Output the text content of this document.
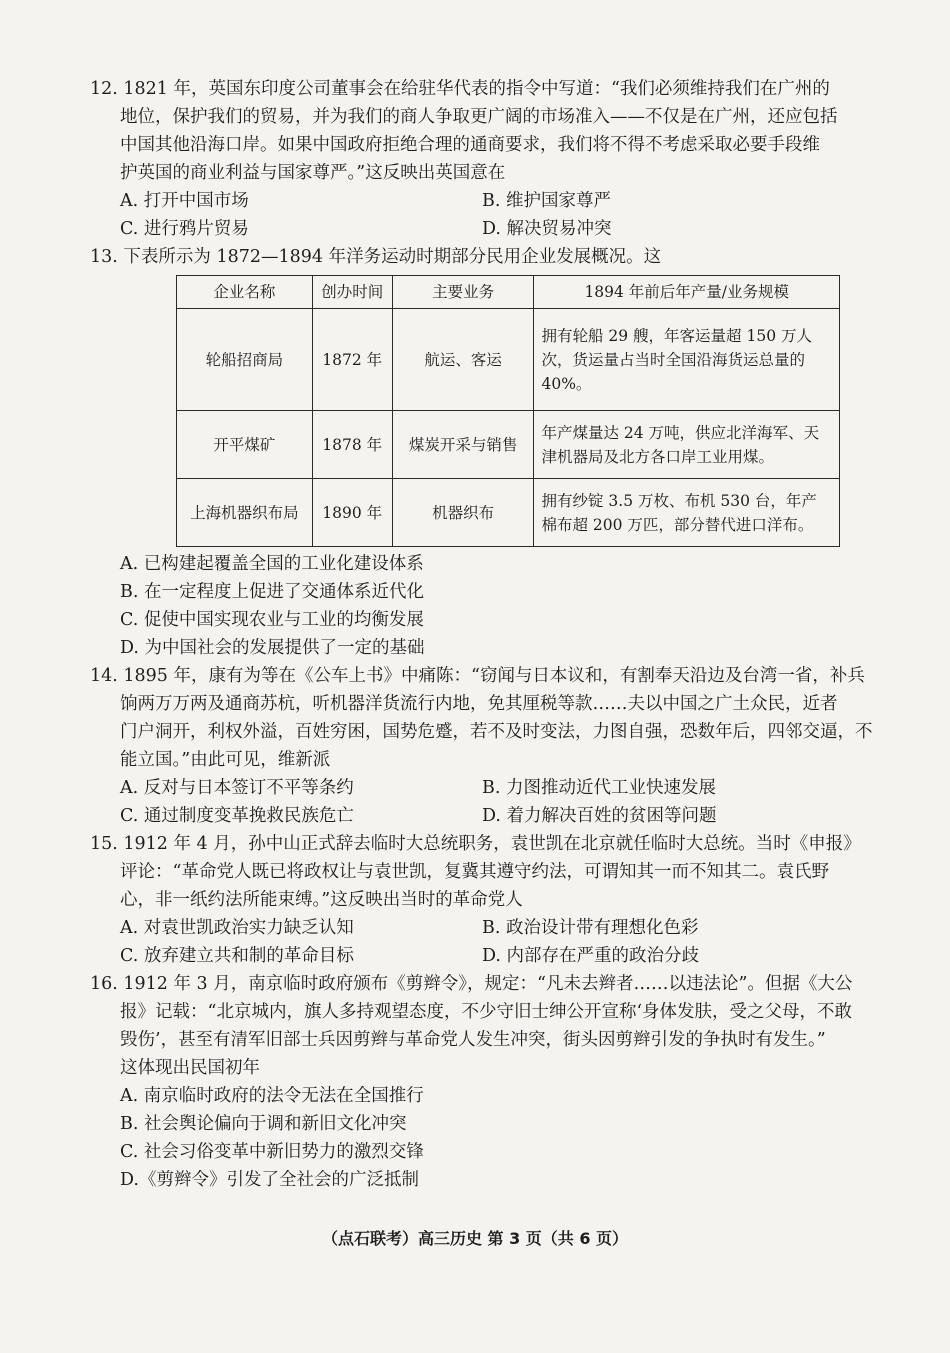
12. 1821 年，英国东印度公司董事会在给驻华代表的指令中写道：“我们必须维持我们在广州的
地位，保护我们的贸易，并为我们的商人争取更广阔的市场准入——不仅是在广州，还应包括
中国其他沿海口岸。如果中国政府拒绝合理的通商要求，我们将不得不考虑采取必要手段维
护英国的商业利益与国家尊严。”这反映出英国意在
A. 打开中国市场	B. 维护国家尊严
C. 进行鸦片贸易	D. 解决贸易冲突
13. 下表所示为 1872—1894 年洋务运动时期部分民用企业发展概况。这
企业名称	创办时间	主要业务	1894 年前后年产量/业务规模
轮船招商局	1872 年	航运、客运	拥有轮船 29 艘，年客运量超 150 万人次，货运量占当时全国沿海货运总量的 40%。
开平煤矿	1878 年	煤炭开采与销售	年产煤量达 24 万吨，供应北洋海军、天津机器局及北方各口岸工业用煤。
上海机器织布局	1890 年	机器织布	拥有纱锭 3.5 万枚、布机 530 台，年产棉布超 200 万匹，部分替代进口洋布。
A. 已构建起覆盖全国的工业化建设体系
B. 在一定程度上促进了交通体系近代化
C. 促使中国实现农业与工业的均衡发展
D. 为中国社会的发展提供了一定的基础
14. 1895 年，康有为等在《公车上书》中痛陈：“窃闻与日本议和，有割奉天沿边及台湾一省，补兵
饷两万万两及通商苏杭，听机器洋货流行内地，免其厘税等款……夫以中国之广土众民，近者
门户洞开，利权外溢，百姓穷困，国势危蹙，若不及时变法，力图自强，恐数年后，四邻交逼，不
能立国。”由此可见，维新派
A. 反对与日本签订不平等条约	B. 力图推动近代工业快速发展
C. 通过制度变革挽救民族危亡	D. 着力解决百姓的贫困等问题
15. 1912 年 4 月，孙中山正式辞去临时大总统职务，袁世凯在北京就任临时大总统。当时《申报》
评论：“革命党人既已将政权让与袁世凯，复冀其遵守约法，可谓知其一而不知其二。袁氏野
心，非一纸约法所能束缚。”这反映出当时的革命党人
A. 对袁世凯政治实力缺乏认知	B. 政治设计带有理想化色彩
C. 放弃建立共和制的革命目标	D. 内部存在严重的政治分歧
16. 1912 年 3 月，南京临时政府颁布《剪辫令》，规定：“凡未去辫者……以违法论”。但据《大公
报》记载：“北京城内，旗人多持观望态度，不少守旧士绅公开宣称‘身体发肤，受之父母，不敢
毁伤’，甚至有清军旧部士兵因剪辫与革命党人发生冲突，街头因剪辫引发的争执时有发生。”
这体现出民国初年
A. 南京临时政府的法令无法在全国推行
B. 社会舆论偏向于调和新旧文化冲突
C. 社会习俗变革中新旧势力的激烈交锋
D.《剪辫令》引发了全社会的广泛抵制
（点石联考）高三历史 第 3 页（共 6 页）
